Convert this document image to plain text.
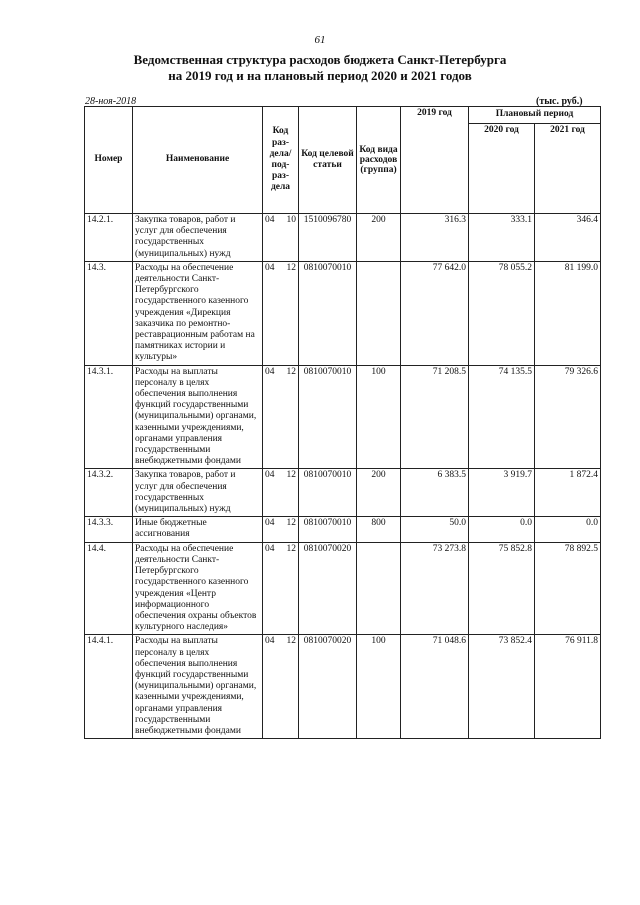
61
Ведомственная структура расходов бюджета Санкт-Петербурга
на 2019 год и на плановый период 2020 и 2021 годов
28-ноя-2018	(тыс. руб.)
Номер	Наименование	Код раз-дела/ под-раз-дела	Код целевой статьи	Код вида расходов (группа)	2019 год	Плановый период	
						2020 год	2021 год
14.2.1.	Закупка товаров, работ и услуг для обеспечения государственных (муниципальных) нужд	04 10	1510096780	200	316.3	333.1	346.4
14.3.	Расходы на обеспечение деятельности Санкт-Петербургского государственного казенного учреждения «Дирекция заказчика по ремонтно-реставрационным работам на памятниках истории и культуры»	04 12	0810070010		77 642.0	78 055.2	81 199.0
14.3.1.	Расходы на выплаты персоналу в целях обеспечения выполнения функций государственными (муниципальными) органами, казенными учреждениями, органами управления государственными внебюджетными фондами	04 12	0810070010	100	71 208.5	74 135.5	79 326.6
14.3.2.	Закупка товаров, работ и услуг для обеспечения государственных (муниципальных) нужд	04 12	0810070010	200	6 383.5	3 919.7	1 872.4
14.3.3.	Иные бюджетные ассигнования	04 12	0810070010	800	50.0	0.0	0.0
14.4.	Расходы на обеспечение деятельности Санкт-Петербургского государственного казенного учреждения «Центр информационного обеспечения охраны объектов культурного наследия»	04 12	0810070020		73 273.8	75 852.8	78 892.5
14.4.1.	Расходы на выплаты персоналу в целях обеспечения выполнения функций государственными (муниципальными) органами, казенными учреждениями, органами управления государственными внебюджетными фондами	04 12	0810070020	100	71 048.6	73 852.4	76 911.8
